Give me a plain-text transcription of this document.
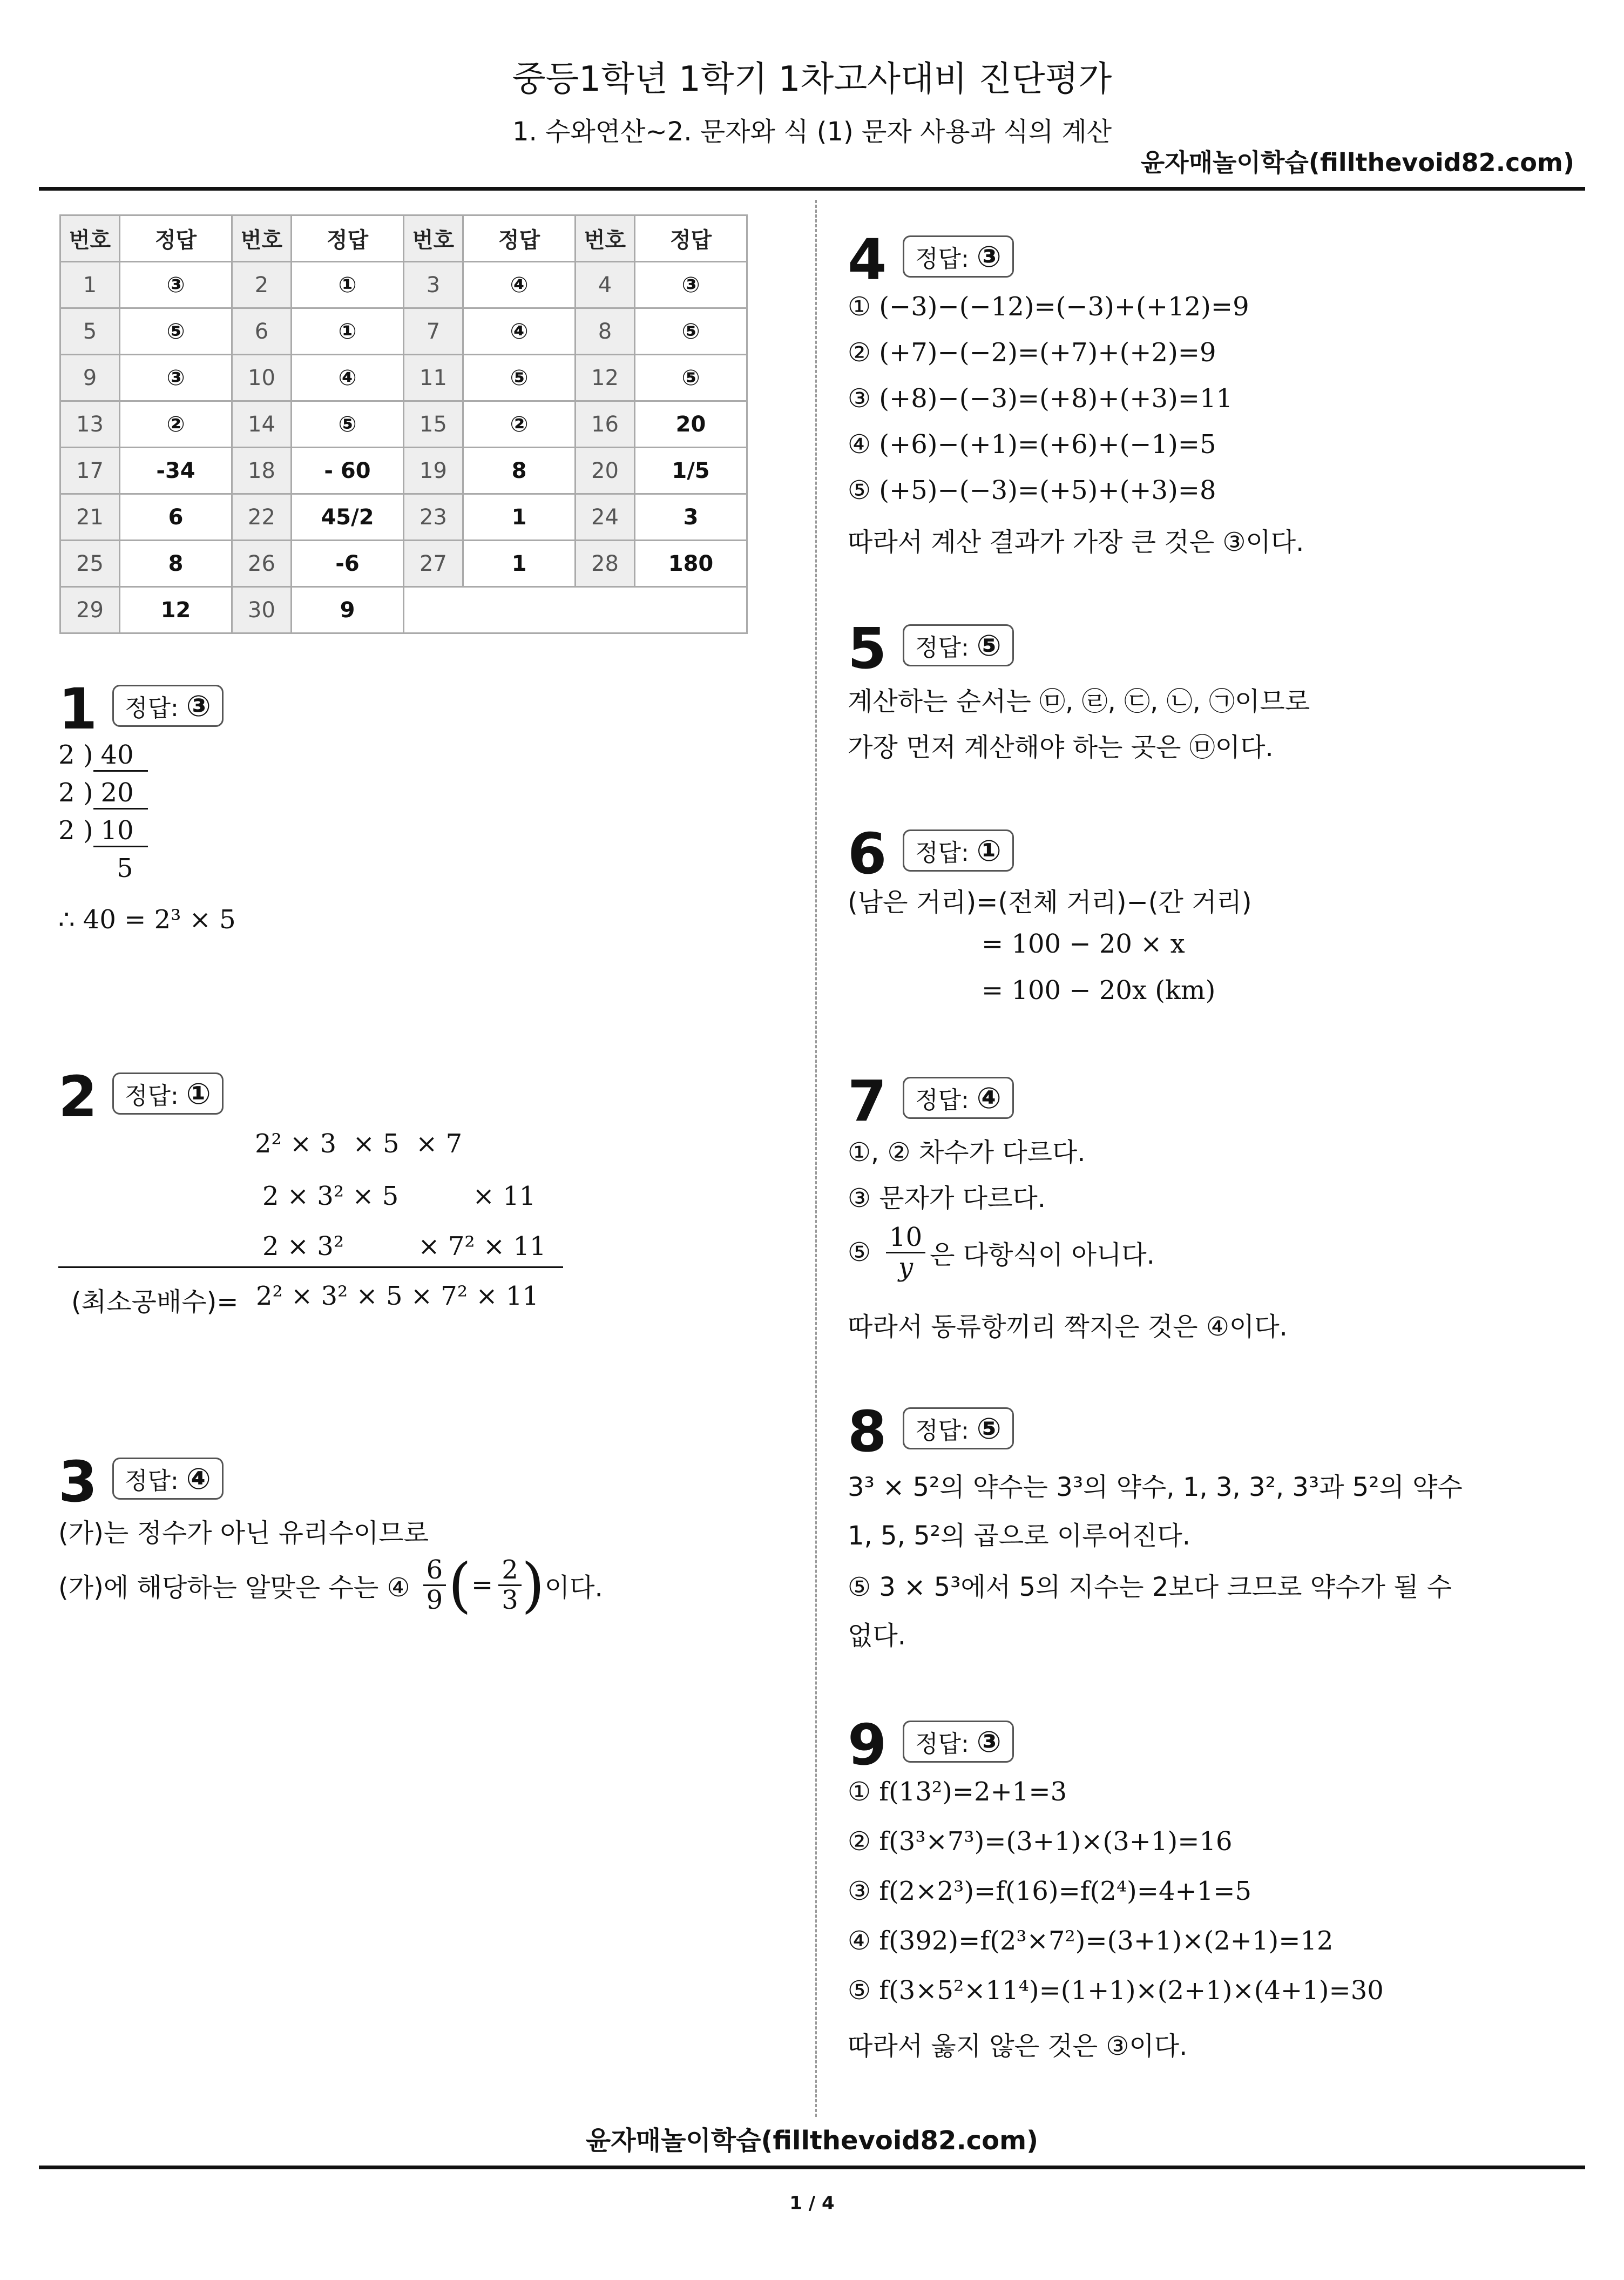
중등1학년 1학기 1차고사대비 진단평가
1. 수와연산~2. 문자와 식 (1) 문자 사용과 식의 계산
윤자매놀이학습(fillthevoid82.com)
번호	정답	번호	정답	번호	정답	번호	정답
1	③	2	①	3	④	4	③
5	⑤	6	①	7	④	8	⑤
9	③	10	④	11	⑤	12	⑤
13	②	14	⑤	15	②	16	20
17	-34	18	- 60	19	8	20	1/5
21	6	22	45/2	23	1	24	3
25	8	26	-6	27	1	28	180
29	12	30	9				
1	정답: ③
2 ) 40
2 ) 20
2 ) 10
5
∴ 40 = 2³ × 5
2	정답: ①
2² × 3  × 5  × 7
2 × 3² × 5         × 11
2 × 3²         × 7² × 11
(최소공배수)= 2² × 3² × 5 × 7² × 11
3	정답: ④
(가)는 정수가 아닌 유리수이므로
(가)에 해당하는 알맞은 수는 ④ $\frac{6}{9}$ ( = $\frac{2}{3}$ ) 이다.
4	정답: ③
① (−3)−(−12)=(−3)+(+12)=9
② (+7)−(−2)=(+7)+(+2)=9
③ (+8)−(−3)=(+8)+(+3)=11
④ (+6)−(+1)=(+6)+(−1)=5
⑤ (+5)−(−3)=(+5)+(+3)=8
따라서 계산 결과가 가장 큰 것은 ③이다.
5	정답: ⑤
계산하는 순서는 ㉤, ㉣, ㉢, ㉡, ㉠이므로
가장 먼저 계산해야 하는 곳은 ㉤이다.
6	정답: ①
(남은 거리)=(전체 거리)−(간 거리)
= 100 − 20 × x
= 100 − 20x (km)
7	정답: ④
①, ② 차수가 다르다.
③ 문자가 다르다.
⑤ $\frac{10}{y}$ 은 다항식이 아니다.
따라서 동류항끼리 짝지은 것은 ④이다.
8	정답: ⑤
3³ × 5²의 약수는 3³의 약수, 1, 3, 3², 3³과 5²의 약수
1, 5, 5²의 곱으로 이루어진다.
⑤ 3 × 5³에서 5의 지수는 2보다 크므로 약수가 될 수
없다.
9	정답: ③
① f(13²)=2+1=3
② f(3³×7³)=(3+1)×(3+1)=16
③ f(2×2³)=f(16)=f(2⁴)=4+1=5
④ f(392)=f(2³×7²)=(3+1)×(2+1)=12
⑤ f(3×5²×11⁴)=(1+1)×(2+1)×(4+1)=30
따라서 옳지 않은 것은 ③이다.
윤자매놀이학습(fillthevoid82.com)
1 / 4
